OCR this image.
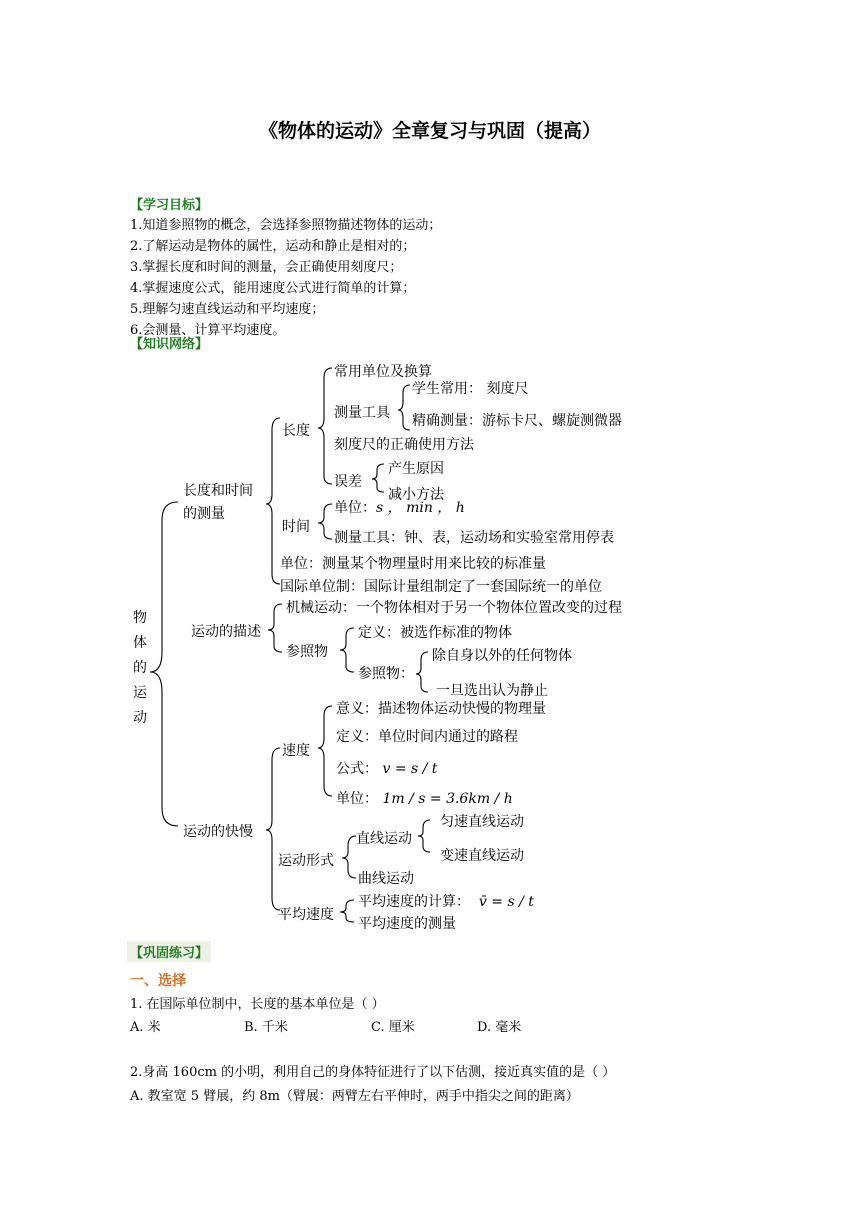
《物体的运动》全章复习与巩固（提高）
【学习目标】
1.知道参照物的概念，会选择参照物描述物体的运动；
2.了解运动是物体的属性，运动和静止是相对的；
3.掌握长度和时间的测量，会正确使用刻度尺；
4.掌握速度公式，能用速度公式进行简单的计算；
5.理解匀速直线运动和平均速度；
6.会测量、计算平均速度。
【知识网络】
物
体
的
运
动
长度和时间
的测量
长度
常用单位及换算
测量工具
学生常用： 刻度尺
精确测量：游标卡尺、螺旋测微器
刻度尺的正确使用方法
误差
产生原因
减小方法
时间
单位：s ， min ， h
测量工具：钟、表，运动场和实验室常用停表
单位：测量某个物理量时用来比较的标准量
国际单位制：国际计量组制定了一套国际统一的单位
运动的描述
机械运动：一个物体相对于另一个物体位置改变的过程
参照物
定义：被选作标准的物体
参照物：
除自身以外的任何物体
一旦选出认为静止
运动的快慢
速度
意义：描述物体运动快慢的物理量
定义：单位时间内通过的路程
公式： v = s / t
单位： 1m / s = 3.6km / h
运动形式
直线运动
匀速直线运动
变速直线运动
曲线运动
平均速度
平均速度的计算： v̄ = s / t
平均速度的测量
【巩固练习】
一、选择
1. 在国际单位制中，长度的基本单位是（ ）
A. 米	B. 千米	C. 厘米	D. 毫米
2.身高 160cm 的小明，利用自己的身体特征进行了以下估测，接近真实值的是（ ）
A. 教室宽 5 臂展，约 8m（臂展：两臂左右平伸时，两手中指尖之间的距离）
